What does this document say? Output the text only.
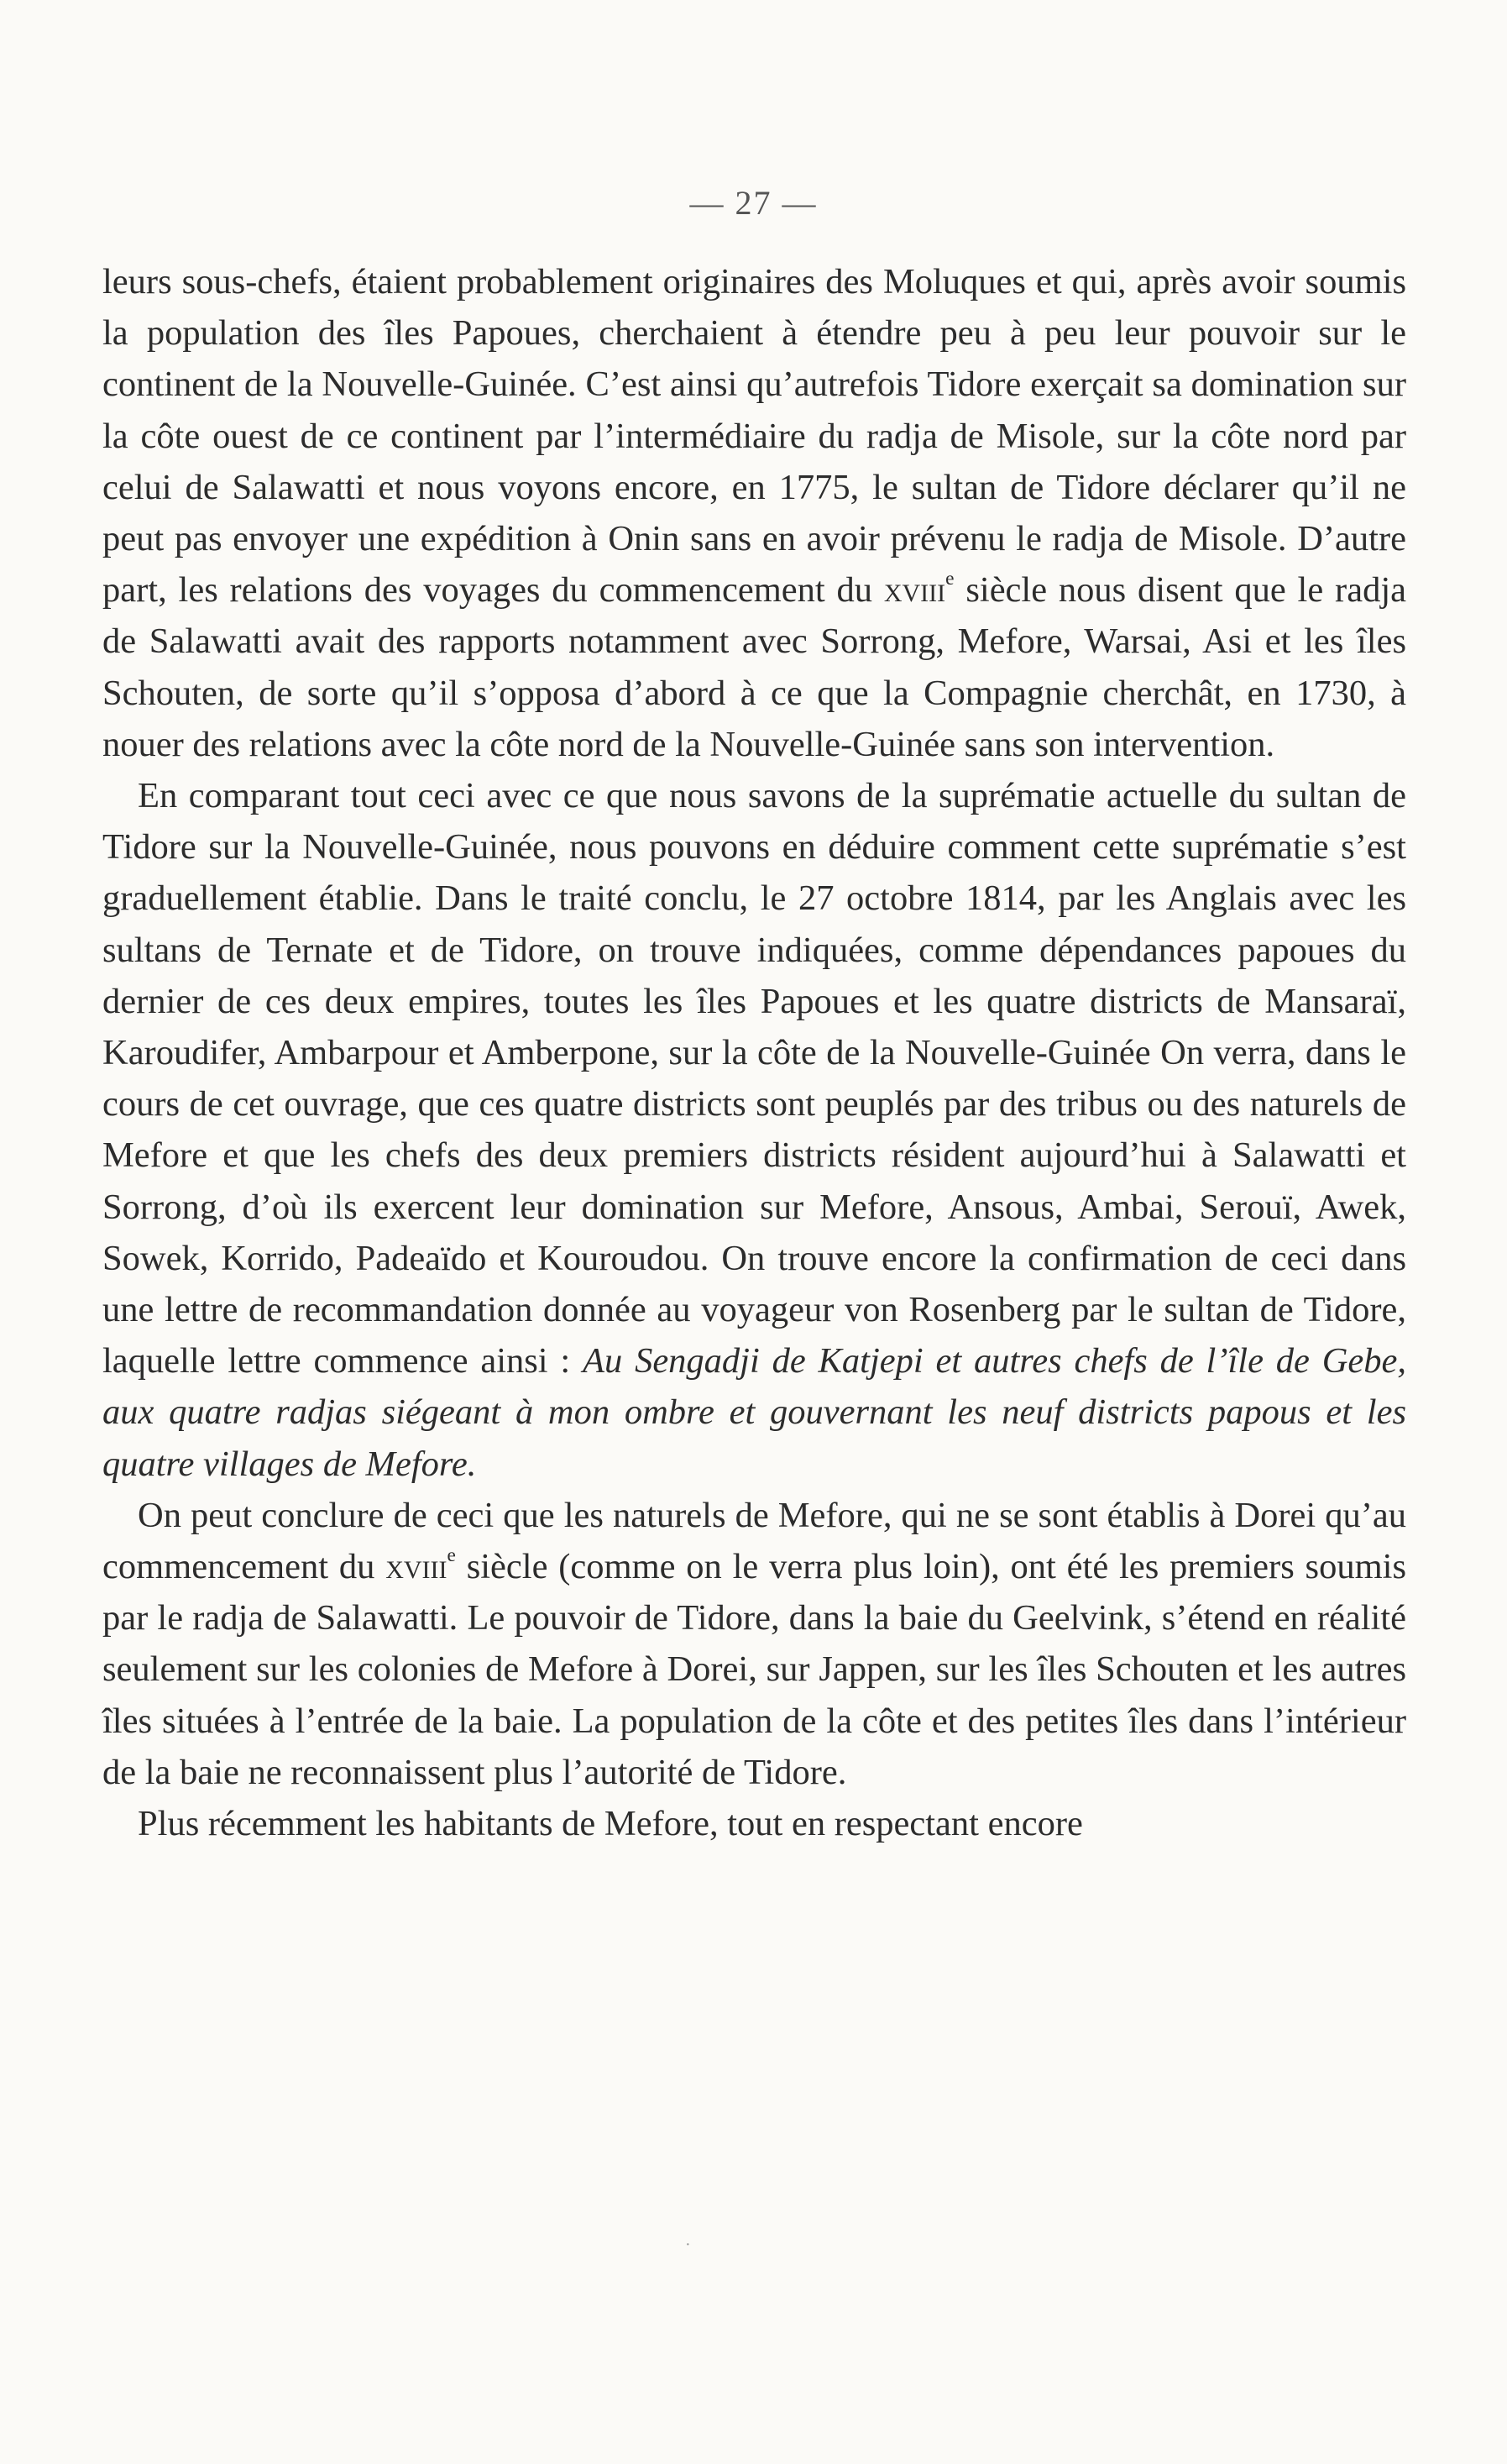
— 27 —

leurs sous-chefs, étaient probablement originaires des Moluques et qui, après avoir soumis la population des îles Papoues, cherchaient à étendre peu à peu leur pouvoir sur le continent de la Nouvelle-Guinée. C’est ainsi qu’autrefois Tidore exerçait sa domination sur la côte ouest de ce continent par l’intermédiaire du radja de Misole, sur la côte nord par celui de Salawatti et nous voyons encore, en 1775, le sultan de Tidore déclarer qu’il ne peut pas envoyer une expédition à Onin sans en avoir prévenu le radja de Misole. D’autre part, les relations des voyages du commencement du xviii$^e$ siècle nous disent que le radja de Salawatti avait des rapports notamment avec Sorrong, Mefore, Warsai, Asi et les îles Schouten, de sorte qu’il s’opposa d’abord à ce que la Compagnie cherchât, en 1730, à nouer des relations avec la côte nord de la Nouvelle-Guinée sans son intervention.

En comparant tout ceci avec ce que nous savons de la suprématie actuelle du sultan de Tidore sur la Nouvelle-Guinée, nous pouvons en déduire comment cette suprématie s’est graduellement établie. Dans le traité conclu, le 27 octobre 1814, par les Anglais avec les sultans de Ternate et de Tidore, on trouve indiquées, comme dépendances papoues du dernier de ces deux empires, toutes les îles Papoues et les quatre districts de Mansaraï, Karoudifer, Ambarpour et Amberpone, sur la côte de la Nouvelle-Guinée On verra, dans le cours de cet ouvrage, que ces quatre districts sont peuplés par des tribus ou des naturels de Mefore et que les chefs des deux premiers districts résident aujourd’hui à Salawatti et Sorrong, d’où ils exercent leur domination sur Mefore, Ansous, Ambai, Serouï, Awek, Sowek, Korrido, Padeaïdo et Kouroudou. On trouve encore la confirmation de ceci dans une lettre de recommandation donnée au voyageur von Rosenberg par le sultan de Tidore, laquelle lettre commence ainsi : Au Sengadji de Katjepi et autres chefs de l’île de Gebe, aux quatre radjas siégeant à mon ombre et gouvernant les neuf districts papous et les quatre villages de Mefore.

On peut conclure de ceci que les naturels de Mefore, qui ne se sont établis à Dorei qu’au commencement du xviii$^e$ siècle (comme on le verra plus loin), ont été les premiers soumis par le radja de Salawatti. Le pouvoir de Tidore, dans la baie du Geelvink, s’étend en réalité seulement sur les colonies de Mefore à Dorei, sur Jappen, sur les îles Schouten et les autres îles situées à l’entrée de la baie. La population de la côte et des petites îles dans l’intérieur de la baie ne reconnaissent plus l’autorité de Tidore.

Plus récemment les habitants de Mefore, tout en respectant encore

·
